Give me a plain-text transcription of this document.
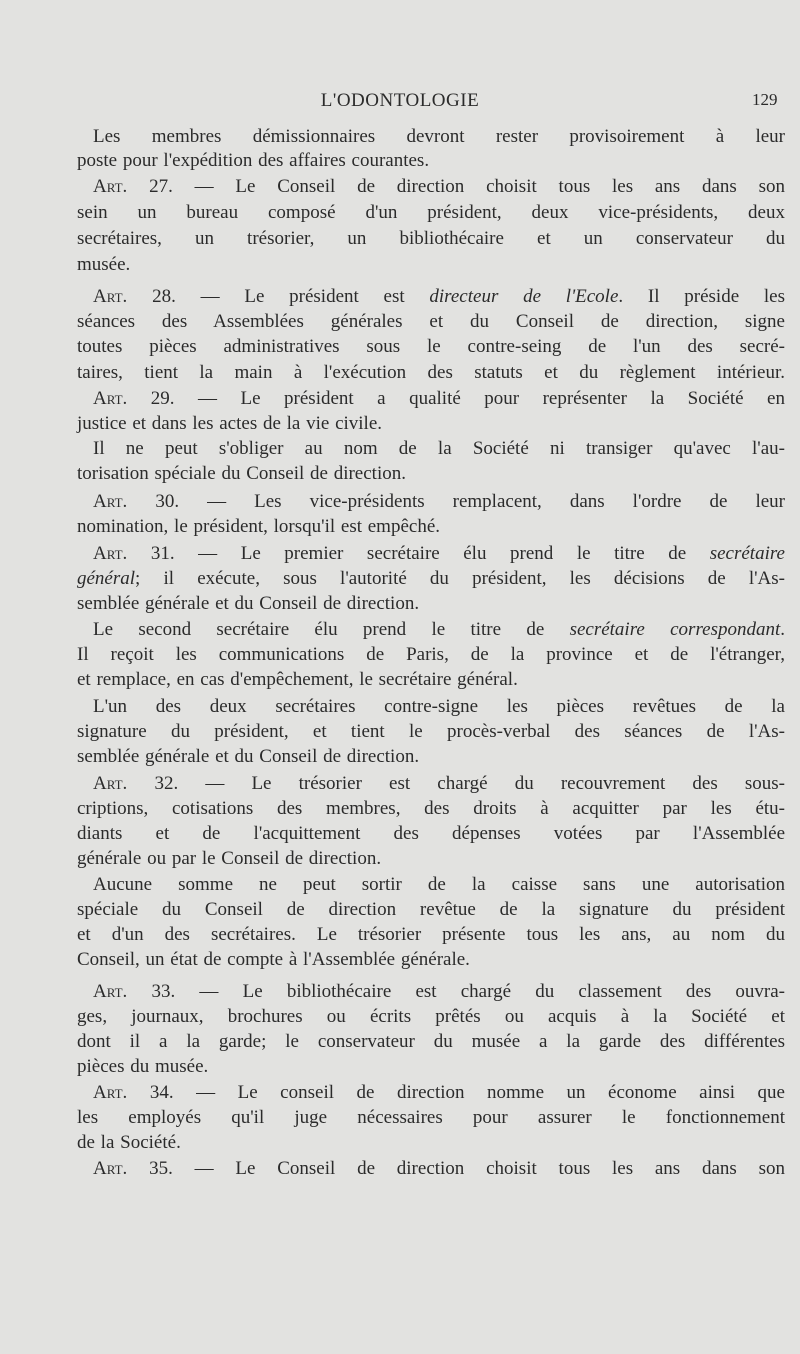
L'ODONTOLOGIE	129
Les membres démissionnaires devront rester provisoirement à leur
poste pour l'expédition des affaires courantes.
Art. 27. — Le Conseil de direction choisit tous les ans dans son
sein un bureau composé d'un président, deux vice-présidents, deux
secrétaires, un trésorier, un bibliothécaire et un conservateur du
musée.
Art. 28. — Le président est directeur de l'Ecole. Il préside les
séances des Assemblées générales et du Conseil de direction, signe
toutes pièces administratives sous le contre-seing de l'un des secré-
taires, tient la main à l'exécution des statuts et du règlement intérieur.
Art. 29. — Le président a qualité pour représenter la Société en
justice et dans les actes de la vie civile.
Il ne peut s'obliger au nom de la Société ni transiger qu'avec l'au-
torisation spéciale du Conseil de direction.
Art. 30. — Les vice-présidents remplacent, dans l'ordre de leur
nomination, le président, lorsqu'il est empêché.
Art. 31. — Le premier secrétaire élu prend le titre de secrétaire
général; il exécute, sous l'autorité du président, les décisions de l'As-
semblée générale et du Conseil de direction.
Le second secrétaire élu prend le titre de secrétaire correspondant.
Il reçoit les communications de Paris, de la province et de l'étranger,
et remplace, en cas d'empêchement, le secrétaire général.
L'un des deux secrétaires contre-signe les pièces revêtues de la
signature du président, et tient le procès-verbal des séances de l'As-
semblée générale et du Conseil de direction.
Art. 32. — Le trésorier est chargé du recouvrement des sous-
criptions, cotisations des membres, des droits à acquitter par les étu-
diants et de l'acquittement des dépenses votées par l'Assemblée
générale ou par le Conseil de direction.
Aucune somme ne peut sortir de la caisse sans une autorisation
spéciale du Conseil de direction revêtue de la signature du président
et d'un des secrétaires. Le trésorier présente tous les ans, au nom du
Conseil, un état de compte à l'Assemblée générale.
Art. 33. — Le bibliothécaire est chargé du classement des ouvra-
ges, journaux, brochures ou écrits prêtés ou acquis à la Société et
dont il a la garde; le conservateur du musée a la garde des différentes
pièces du musée.
Art. 34. — Le conseil de direction nomme un économe ainsi que
les employés qu'il juge nécessaires pour assurer le fonctionnement
de la Société.
Art. 35. — Le Conseil de direction choisit tous les ans dans son
